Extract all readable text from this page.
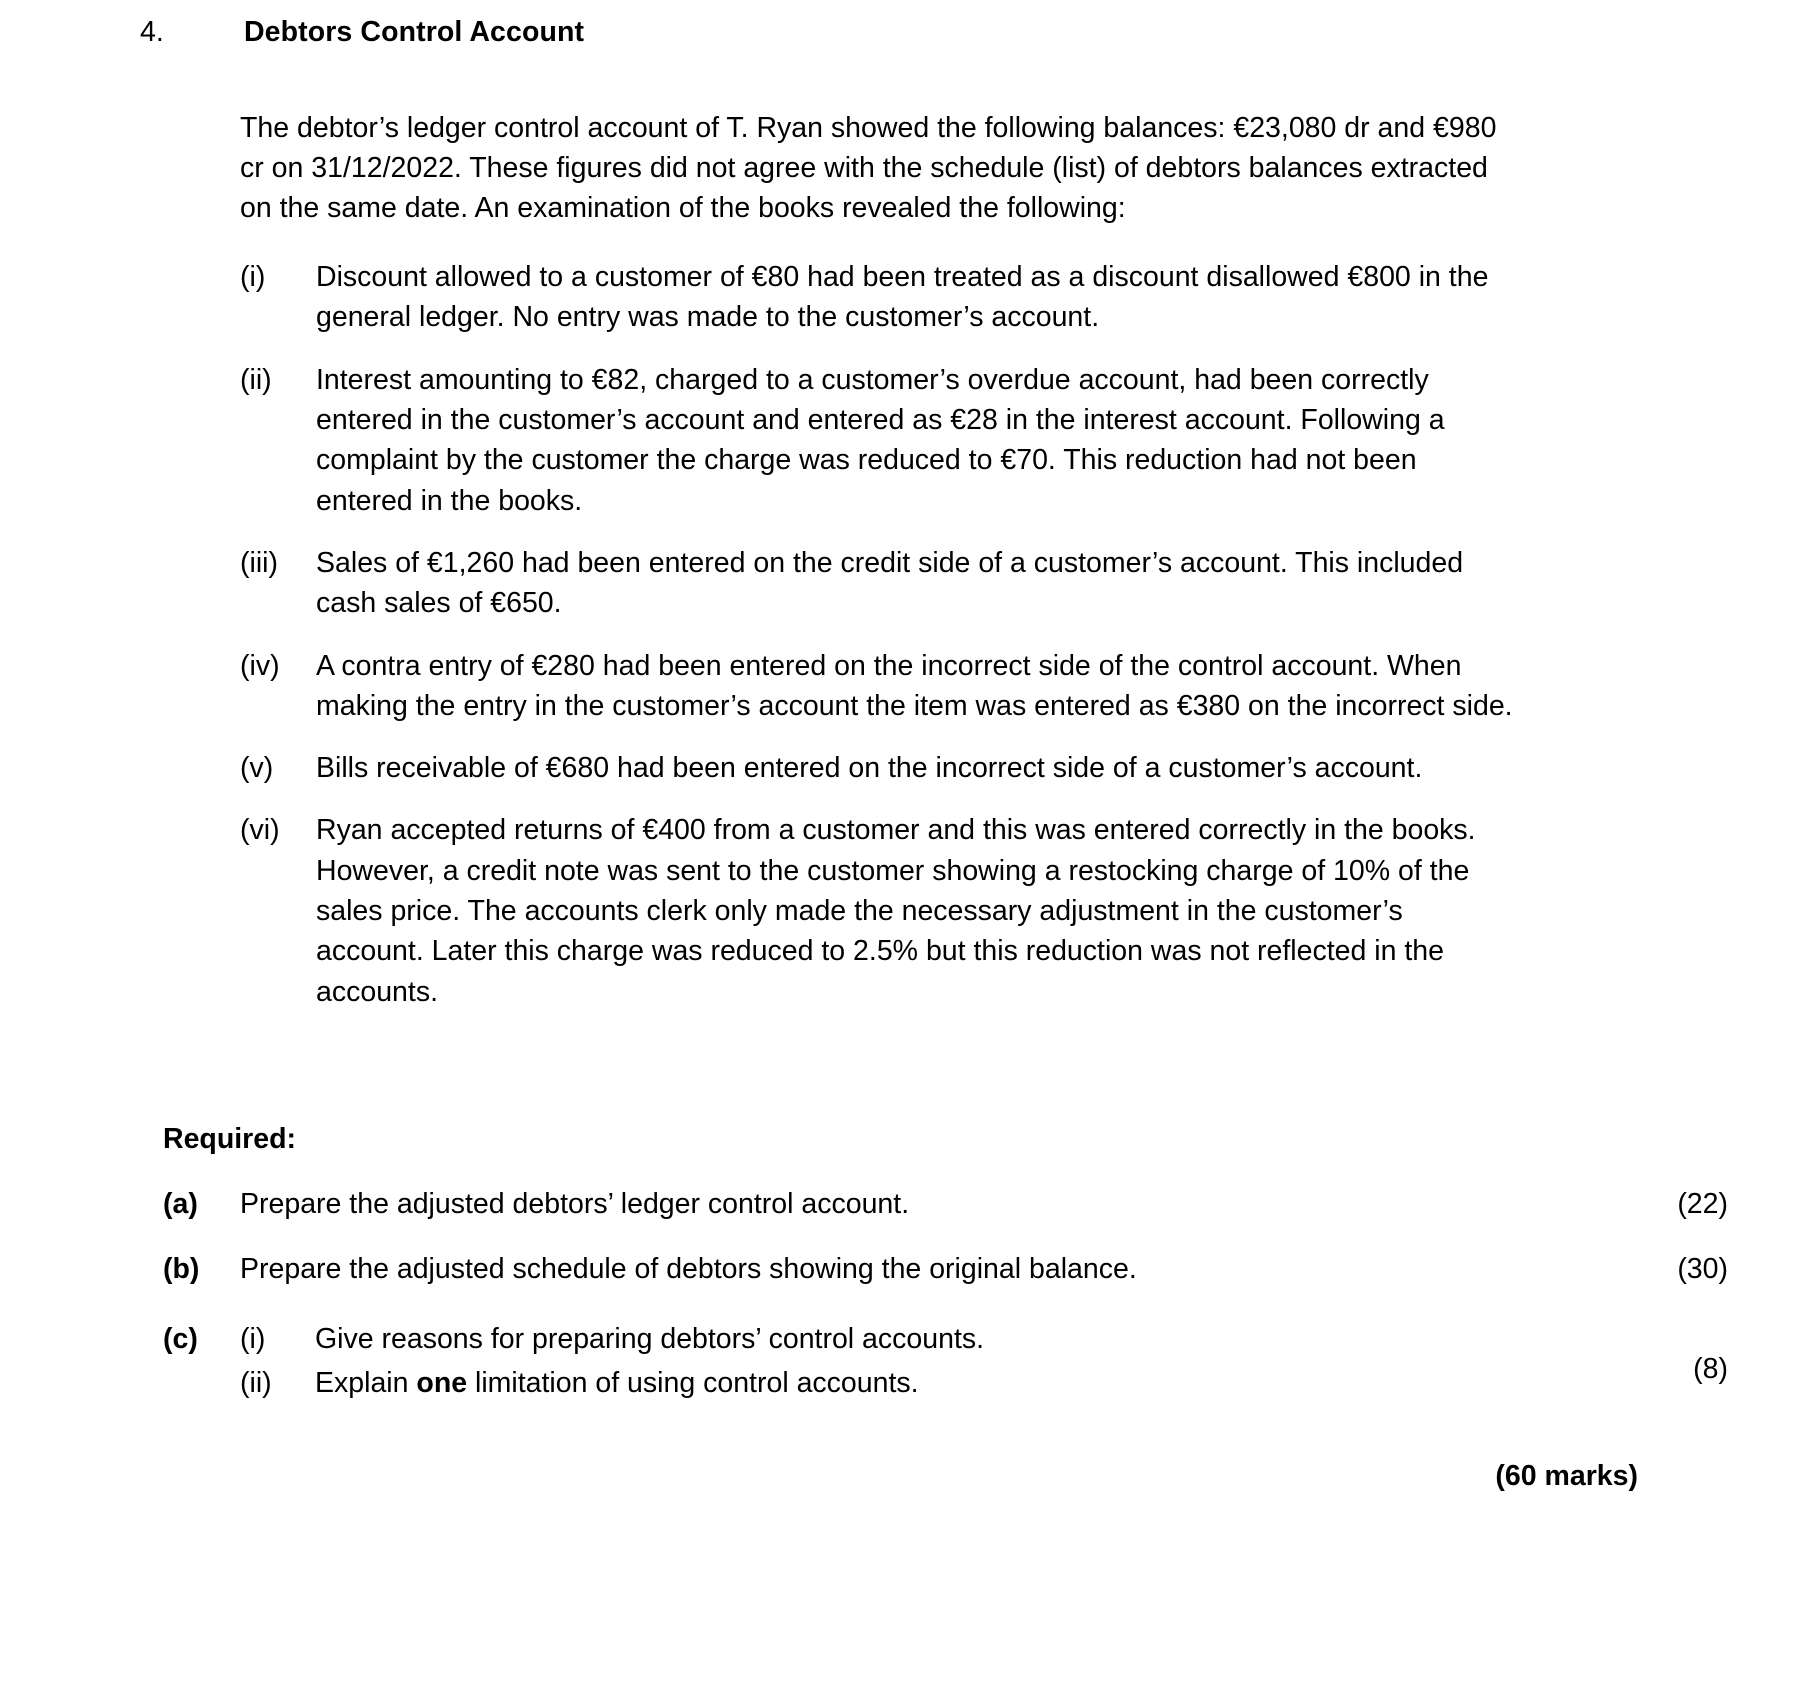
4.	Debtors Control Account

The debtor’s ledger control account of T. Ryan showed the following balances: €23,080 dr and €980 cr on 31/12/2022. These figures did not agree with the schedule (list) of debtors balances extracted on the same date. An examination of the books revealed the following:

(i)	Discount allowed to a customer of €80 had been treated as a discount disallowed €800 in the general ledger. No entry was made to the customer’s account.
(ii)	Interest amounting to €82, charged to a customer’s overdue account, had been correctly entered in the customer’s account and entered as €28 in the interest account. Following a complaint by the customer the charge was reduced to €70. This reduction had not been entered in the books.
(iii)	Sales of €1,260 had been entered on the credit side of a customer’s account. This included cash sales of €650.
(iv)	A contra entry of €280 had been entered on the incorrect side of the control account. When making the entry in the customer’s account the item was entered as €380 on the incorrect side.
(v)	Bills receivable of €680 had been entered on the incorrect side of a customer’s account.
(vi)	Ryan accepted returns of €400 from a customer and this was entered correctly in the books. However, a credit note was sent to the customer showing a restocking charge of 10% of the sales price. The accounts clerk only made the necessary adjustment in the customer’s account. Later this charge was reduced to 2.5% but this reduction was not reflected in the accounts.
Required:
(a)	Prepare the adjusted debtors’ ledger control account.	(22)
(b)	Prepare the adjusted schedule of debtors showing the original balance.	(30)
(c)	(i)	Give reasons for preparing debtors’ control accounts.
(ii)	Explain one limitation of using control accounts.	(8)
(60 marks)
